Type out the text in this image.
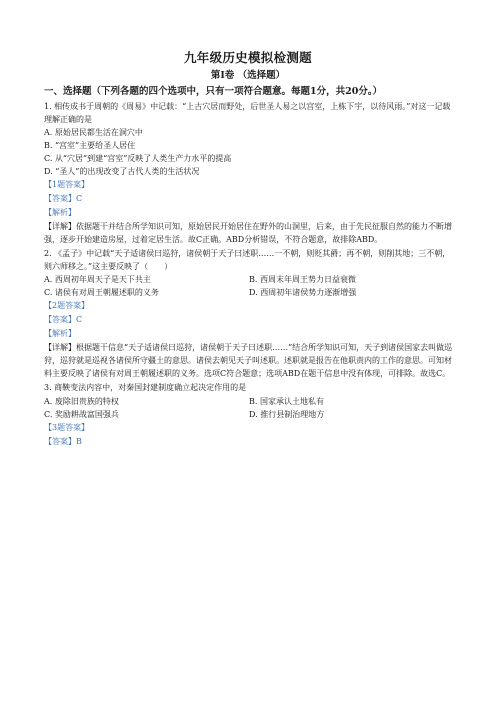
九年级历史模拟检测题
第Ⅰ卷 （选择题）
一、选择题（下列各题的四个选项中，只有一项符合题意。每题1分，共20分。）

1. 相传成书于周朝的《周易》中记载：“上古穴居而野处，后世圣人易之以宫室，上栋下宇，以待风雨。”对这一记载理解正确的是

A. 原始居民都生活在洞穴中

B. “宫室”主要给圣人居住

C. 从“穴居”到建“宫室”反映了人类生产力水平的提高

D. “圣人”的出现改变了古代人类的生活状况

【1题答案】
【答案】C
【解析】

【详解】依据题干并结合所学知识可知，原始居民开始居住在野外的山洞里，后来，由于先民征服自然的能力不断增强，逐步开始建造房屋，过着定居生活。故C正确。ABD分析错误，不符合题意，故排除ABD。

2. 《孟子》中记载“天子适诸侯曰巡狩，诸侯朝于天子曰述职……一不朝，则贬其爵；再不朝，则削其地；三不朝，则六师移之。”这主要反映了（　　）

A. 西周初年周天子是天下共主	B. 西周末年周王势力日益衰微
C. 诸侯有对周王朝履述职的义务	D. 西周初年诸侯势力逐渐增强
【2题答案】
【答案】C
【解析】

【详解】根据题干信息“天子适诸侯曰巡狩，诸侯朝于天子曰述职……”结合所学知识可知，天子到诸侯国家去叫做巡狩，巡狩就是巡视各诸侯所守疆土的意思。诸侯去朝见天子叫述职。述职就是报告在他职责内的工作的意思。可知材料主要反映了诸侯有对周王朝履述职的义务。选项C符合题意；选项ABD在题干信息中没有体现，可排除。故选C。

3. 商鞅变法内容中，对秦国封建制度确立起决定作用的是

A. 废除旧贵族的特权	B. 国家承认土地私有
C. 奖励耕战富国强兵	D. 推行县制治理地方
【3题答案】
【答案】B
